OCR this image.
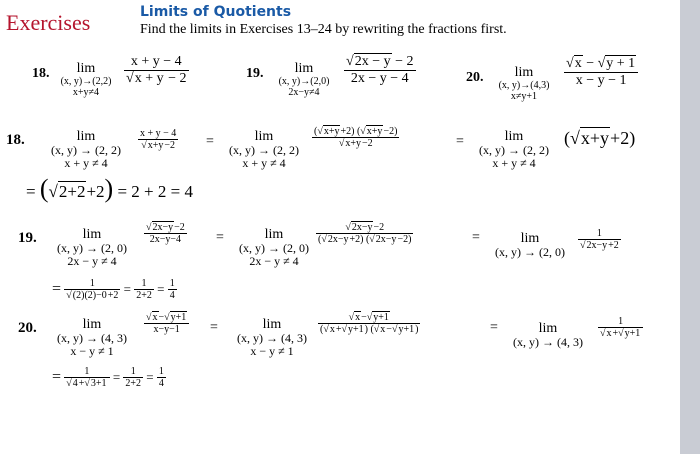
Exercises	Limits of Quotients
Find the limits in Exercises 13–24 by rewriting the fractions first.
18.	lim
(x, y)→(2,2)
x+y≠4
$\frac{x + y - 4}{√x + y - 2}$	19.	lim
(x, y)→(2,0)
2x−y≠4
$\frac{√2x - y - 2}{2x - y - 4}$	20.	lim
(x, y)→(4,3)
x≠y+1
$\frac{√x - √y + 1}{x - y - 1}$
18.	lim
(x, y) → (2, 2)
x + y ≠ 4
$\frac{x + y - 4}{√x+y-2}$ =	lim
(x, y) → (2, 2)
x + y ≠ 4
$\frac{(√x+y+2) (√x+y-2)}{√x+y-2}$	=	lim
(x, y) → (2, 2)
x + y ≠ 4
(√x+y+2)
= (√2+2+2) = 2 + 2 = 4
19.	lim
(x, y) → (2, 0)
2x − y ≠ 4
$\frac{√2x-y-2}{2x-y-4}$ =	lim
(x, y) → (2, 0)
2x − y ≠ 4
$\frac{√2x-y-2}{(√2x-y+2) (√2x-y-2)}$	=	lim
(x, y) → (2, 0)
$\frac{1}{√2x-y+2}$
= $\frac{1}{√(2)(2)-0+2} = \frac{1}{2+2} = \frac{1}{4}$
20.	lim
(x, y) → (4, 3)
x − y ≠ 1
$\frac{√x-√y+1}{x-y-1}$ =	lim
(x, y) → (4, 3)
x − y ≠ 1
$\frac{√x-√y+1}{(√x+√y+1) (√x-√y+1)}$	=	lim
(x, y) → (4, 3)
$\frac{1}{√x+√y+1}$
= $\frac{1}{√4+√3+1} = \frac{1}{2+2} = \frac{1}{4}$
